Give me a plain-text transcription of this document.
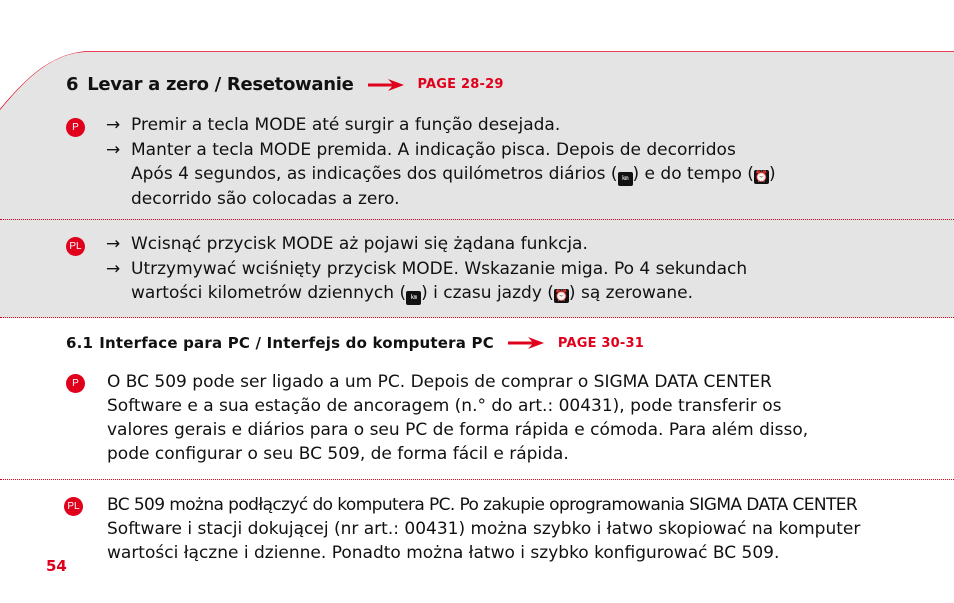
6 Levar a zero / Resetowanie	PAGE 28-29
P	→ Premir a tecla MODE até surgir a função desejada.
→ Manter a tecla MODE premida. A indicação pisca. Depois de decorridos
Após 4 segundos, as indicações dos quilómetros diários ( km ) e do tempo (⏰)
decorrido são colocadas a zero.
PL → Wcisnąć przycisk MODE aż pojawi się żądana funkcja.
→ Utrzymywać wciśnięty przycisk MODE. Wskazanie miga. Po 4 sekundach
wartości kilometrów dziennych ( km ) i czasu jazdy (⏰) są zerowane.
6.1 Interface para PC / Interfejs do komputera PC	PAGE 30-31
P	O BC 509 pode ser ligado a um PC. Depois de comprar o SIGMA DATA CENTER
Software e a sua estação de ancoragem (n.° do art.: 00431), pode transferir os
valores gerais e diários para o seu PC de forma rápida e cómoda. Para além disso,
pode configurar o seu BC 509, de forma fácil e rápida.
PL BC 509 można podłączyć do komputera PC. Po zakupie oprogramowania SIGMA DATA CENTER
Software i stacji dokującej (nr art.: 00431) można szybko i łatwo skopiować na komputer
wartości łączne i dzienne. Ponadto można łatwo i szybko konfigurować BC 509.
54
